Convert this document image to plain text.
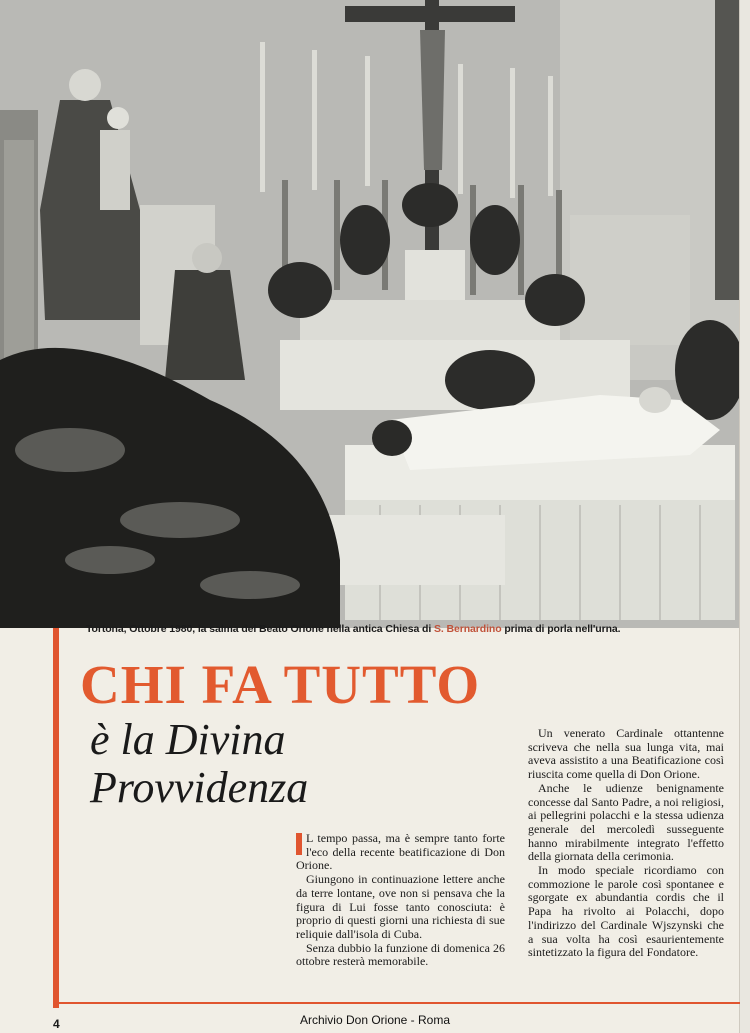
Tortona, Ottobre 1980, la salma del Beato Orione nella antica Chiesa di S. Bernardino prima di porla nell'urna.
CHI FA TUTTO
è la Divina
Provvidenza

L tempo passa, ma è sempre tanto forte l'eco della recente beatificazione di Don Orione.

Giungono in continuazione lettere anche da terre lontane, ove non si pensava che la figura di Lui fosse tanto conosciuta: è proprio di questi giorni una richiesta di sue reliquie dall'isola di Cuba.

Senza dubbio la funzione di domenica 26 ottobre resterà memorabile.

Un venerato Cardinale ottantenne scriveva che nella sua lunga vita, mai aveva assistito a una Beatificazione così riuscita come quella di Don Orione.

Anche le udienze benignamente concesse dal Santo Padre, a noi religiosi, ai pellegrini polacchi e la stessa udienza generale del mercoledì susseguente hanno mirabilmente integrato l'effetto della giornata della cerimonia.

In modo speciale ricordiamo con commozione le parole così spontanee e sgorgate ex abundantia cordis che il Papa ha rivolto ai Polacchi, dopo l'indirizzo del Cardinale Wjszynski che a sua volta ha così esaurientemente sintetizzato la figura del Fondatore.

4	Archivio Don Orione - Roma
